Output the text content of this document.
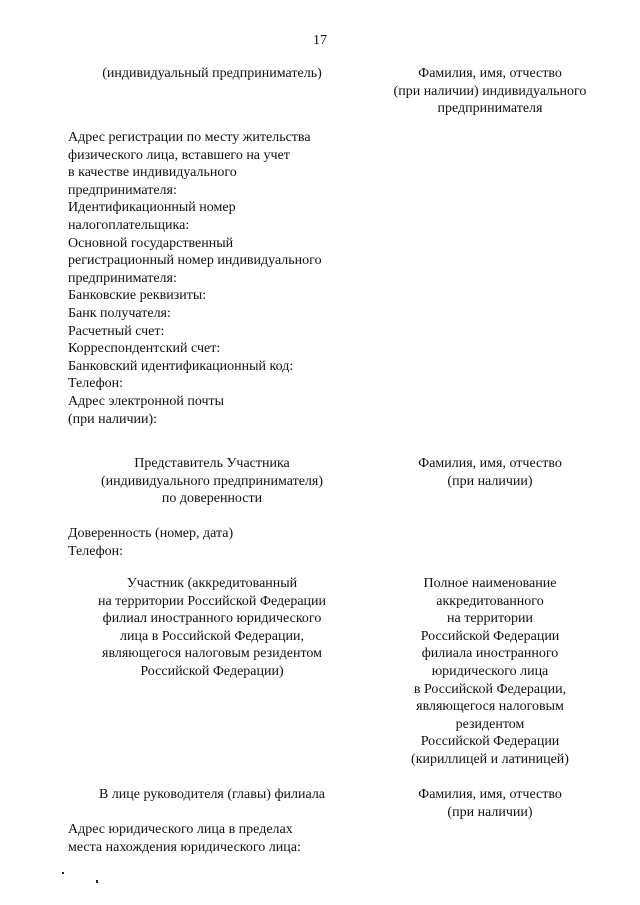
17

(индивидуальный предприниматель)	Фамилия, имя, отчество
(при наличии) индивидуального
предпринимателя

Адрес регистрации по месту жительства
физического лица, вставшего на учет
в качестве индивидуального
предпринимателя:
Идентификационный номер
налогоплательщика:
Основной государственный
регистрационный номер индивидуального
предпринимателя:
Банковские реквизиты:
Банк получателя:
Расчетный счет:
Корреспондентский счет:
Банковский идентификационный код:
Телефон:
Адрес электронной почты
(при наличии):

Представитель Участника
(индивидуального предпринимателя)
по доверенности

Фамилия, имя, отчество
(при наличии)

Доверенность (номер, дата)
Телефон:

Участник (аккредитованный
на территории Российской Федерации
филиал иностранного юридического
лица в Российской Федерации,
являющегося налоговым резидентом
Российской Федерации)

Полное наименование
аккредитованного
на территории
Российской Федерации
филиала иностранного
юридического лица
в Российской Федерации,
являющегося налоговым
резидентом
Российской Федерации
(кириллицей и латиницей)

В лице руководителя (главы) филиала	Фамилия, имя, отчество
(при наличии)

Адрес юридического лица в пределах
места нахождения юридического лица:
